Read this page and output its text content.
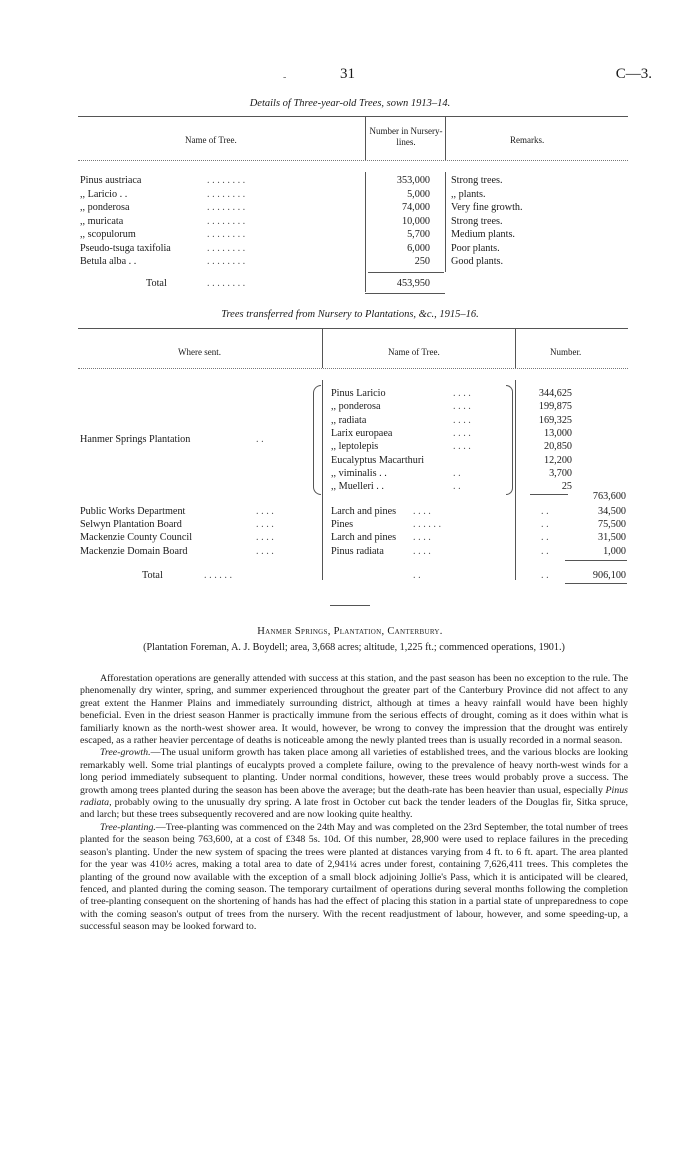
-	31	C—3.
Details of Three-year-old Trees, sown 1913–14.
Name of Tree.
Number in Nursery-lines.	Remarks.
Pinus austriaca	. . . . . . . .	353,000 Strong trees.
,, Laricio . .	. . . . . . . .	5,000 ,, plants.
,, ponderosa	. . . . . . . .	74,000 Very fine growth.
,, muricata	. . . . . . . .	10,000 Strong trees.
,, scopulorum	. . . . . . . .	5,700 Medium plants.
Pseudo-tsuga taxifolia	. . . . . . . .	6,000 Poor plants.
Betula alba . .	. . . . . . . .	250 Good plants.
Total	. . . . . . . .	453,950
Trees transferred from Nursery to Plantations, &c., 1915–16.
Where sent.	Name of Tree.	Number.
Hanmer Springs Plantation	. .
Pinus Laricio	. . . .	344,625
,, ponderosa	. . . .	199,875
,, radiata	. . . .	169,325
Larix europaea	. . . .	13,000
,, leptolepis	. . . .	20,850
Eucalyptus Macarthuri	12,200
,, viminalis . .	. .	3,700
,, Muelleri . .	. .	25
763,600
Public Works Department	. . . .	Larch and pines . . . .	. .	34,500
Selwyn Plantation Board	. . . .	Pines	. . . . . .	. .	75,500
Mackenzie County Council	. . . .	Larch and pines . . . .	. .	31,500
Mackenzie Domain Board	. . . .	Pinus radiata	. . . .	. .	1,000
Total	. . . . . .	. .	. .	906,100
Hanmer Springs, Plantation, Canterbury.
(Plantation Foreman, A. J. Boydell; area, 3,668 acres; altitude, 1,225 ft.; commenced operations, 1901.)

Afforestation operations are generally attended with success at this station, and the past season has been no exception to the rule. The phenomenally dry winter, spring, and summer experienced throughout the greater part of the Canterbury Province did not affect to any great extent the Hanmer Plains and immediately surrounding district, although at times a heavy rainfall would have been highly beneficial. Even in the driest season Hanmer is practically immune from the serious effects of drought, coming as it does within what is familiarly known as the north-west shower area. It would, however, be wrong to convey the impression that the drought was entirely escaped, as a rather heavier percentage of deaths is noticeable among the newly planted trees than is usually recorded in a normal season.

Tree-growth.—The usual uniform growth has taken place among all varieties of established trees, and the various blocks are looking remarkably well. Some trial plantings of eucalypts proved a complete failure, owing to the prevalence of heavy north-west winds for a long period immediately subsequent to planting. Under normal conditions, however, these trees would probably prove a success. The growth among trees planted during the season has been above the average; but the death-rate has been heavier than usual, especially Pinus radiata, probably owing to the unusually dry spring. A late frost in October cut back the tender leaders of the Douglas fir, Sitka spruce, and larch; but these trees subsequently recovered and are now looking quite healthy.

Tree-planting.—Tree-planting was commenced on the 24th May and was completed on the 23rd September, the total number of trees planted for the season being 763,600, at a cost of £348 5s. 10d. Of this number, 28,900 were used to replace failures in the preceding season's planting. Under the new system of spacing the trees were planted at distances varying from 4 ft. to 6 ft. apart. The area planted for the year was 410½ acres, making a total area to date of 2,941¼ acres under forest, containing 7,626,411 trees. This completes the planting of the ground now available with the exception of a small block adjoining Jollie's Pass, which it is anticipated will be cleared, fenced, and planted during the coming season. The temporary curtailment of operations during several months following the completion of tree-planting consequent on the shortening of hands has had the effect of placing this station in a partial state of unpreparedness to cope with the coming season's output of trees from the nursery. With the recent readjustment of labour, however, and some speeding-up, a successful season may be looked forward to.
